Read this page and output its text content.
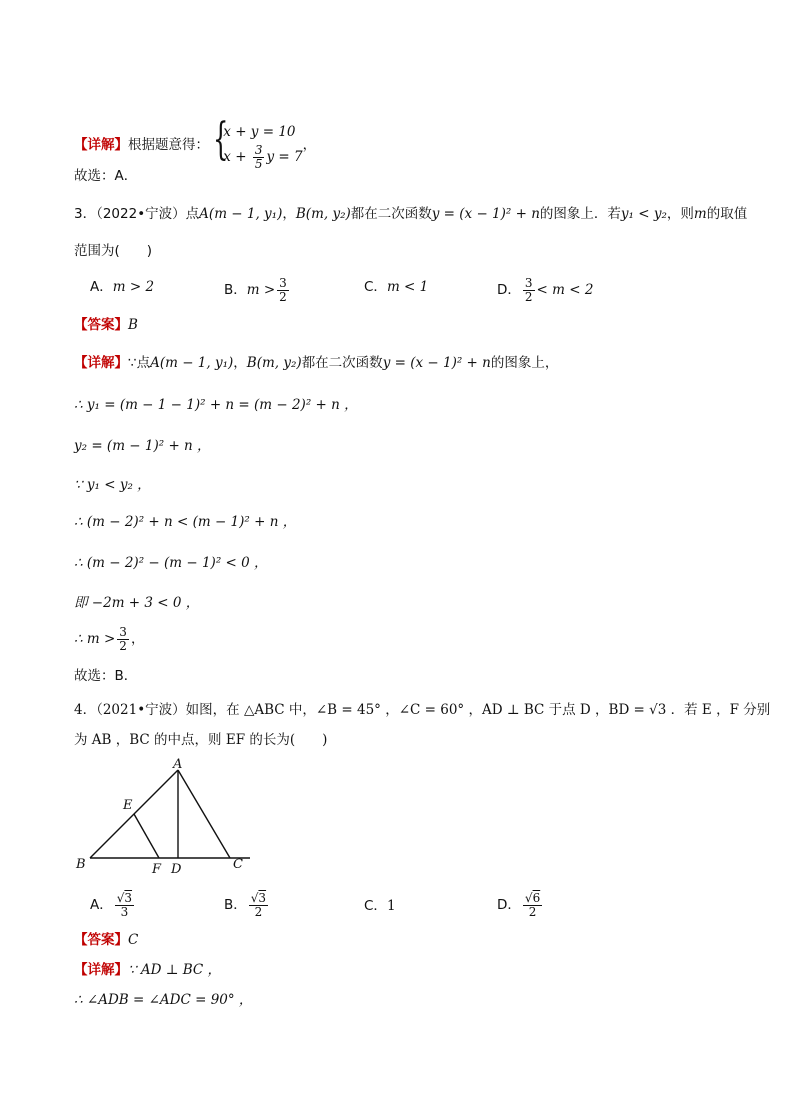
【详解】根据题意得： {
x + y = 10
$x + \frac{3}{5}$ y = 7
，
故选：A．
3．（2022•宁波）点A(m − 1, y₁)，B(m, y₂)都在二次函数y = (x − 1)² + n的图象上．若y₁ < y₂，则m的取值
范围为(　　)
A．m > 2	B．$m > \frac{3}{2}$	C．m < 1	D． $\frac{3}{2} < m < 2$
【答案】B
【详解】∵点A(m − 1, y₁)，B(m, y₂)都在二次函数y = (x − 1)² + n的图象上，
∴ y₁ = (m − 1 − 1)² + n = (m − 2)² + n ，
y₂ = (m − 1)² + n ，
∵ y₁ < y₂ ，
∴ (m − 2)² + n < (m − 1)² + n ，
∴ (m − 2)² − (m − 1)² < 0 ，
即 −2m + 3 < 0 ，
∴ $m > \frac{3}{2}$ ，
故选：B．
4．（2021•宁波）如图，在 △ABC 中，∠B = 45° ，∠C = 60° ，AD ⊥ BC 于点 D ，BD = √3 ．若 E ，F 分别
为 AB ，BC 的中点，则 EF 的长为(　　)
A
B	C
D
E
F
A． $\frac{√3}{3}$	B． $\frac{√3}{2}$	C．1	D． $\frac{√6}{2}$
【答案】C
【详解】∵ AD ⊥ BC ，
∴ ∠ADB = ∠ADC = 90° ，
